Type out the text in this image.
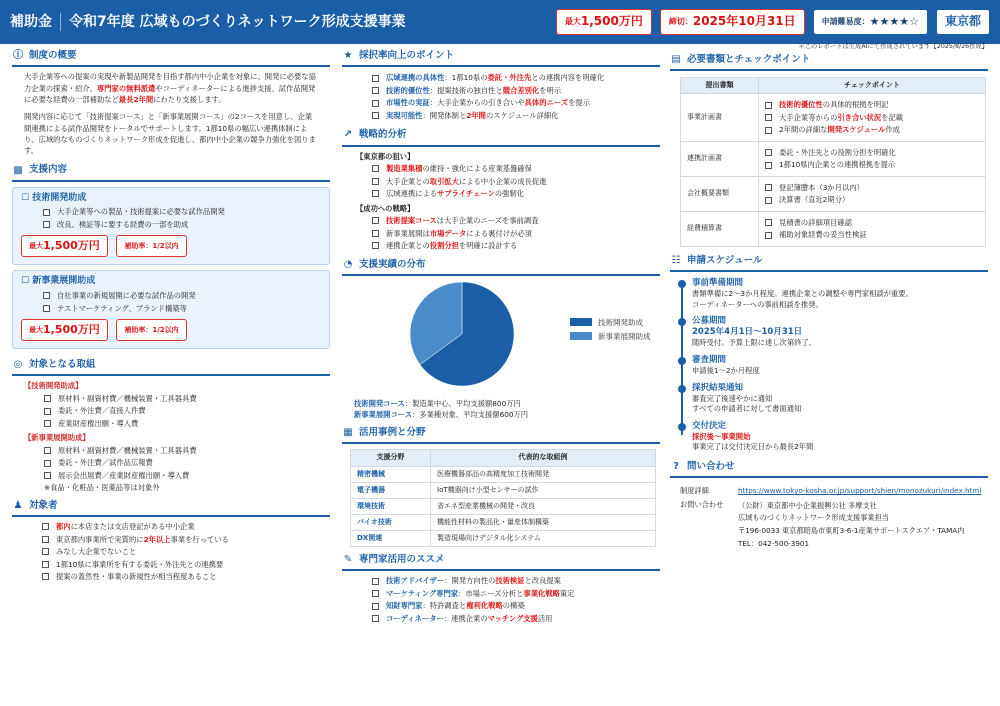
補助金	令和7年度 広域ものづくりネットワーク形成支援事業	最大 1,500万円	締切： 2025年10月31日	申請難易度： ★★★★☆	東京都
ⓘ 制度の概要

大手企業等への提案の実現や新製品開発を目指す都内中小企業を対象に、開発に必要な協力企業の探索・紹介、専門家の無料派遣やコーディネーターによる進捗支援、試作品開発に必要な経費の一部補助など最長2年間にわたり支援します。

開発内容に応じて「技術提案コース」と「新事業展開コース」の2コースを用意し、企業間連携による試作品開発をトータルでサポートします。1都10県の幅広い連携体制により、広域的なものづくりネットワーク形成を促進し、都内中小企業の競争力強化を図ります。

▩ 支援内容
☐ 技術開発助成
大手企業等への製品・技術提案に必要な試作品開発
改良、検証等に要する経費の一部を助成
最大 1,500万円
	補助率： 1/2以内
☐ 新事業展開助成
自社事業の新規展開に必要な試作品の開発
テストマーケティング、ブランド構築等
最大 1,500万円
	補助率： 1/2以内
◎ 対象となる取組
【技術開発助成】
原材料・副資材費／機械装置・工具器具費
委託・外注費／直接人件費
産業財産権出願・導入費
【新事業展開助成】
原材料・副資材費／機械装置・工具器具費
委託・外注費／試作品広報費
展示会出展費／産業財産権出願・導入費
※食品・化粧品・医薬品等は対象外
♟ 対象者
都内に本店または支店登記がある中小企業
東京都内事業所で実質的に2年以上事業を行っている
みなし大企業でないこと
1都10県に事業所を有する委託・外注先との連携要
提案の蓋然性・事業の新規性が相当程度あること
★ 採択率向上のポイント
広域連携の具体性：1都10県の委託・外注先との連携内容を明確化
技術的優位性：提案技術の独自性と競合差別化を明示
市場性の実証：大手企業からの引き合いや具体的ニーズを提示
実現可能性：開発体制と2年間のスケジュール詳細化
↗ 戦略的分析
【東京都の狙い】
製造業集積の維持・強化による産業基盤確保
大手企業との取引拡大による中小企業の成長促進
広域連携によるサプライチェーンの強靭化
【成功への戦略】
技術提案コースは大手企業のニーズを事前調査
新事業展開は市場データによる裏付けが必須
連携企業との役割分担を明確に設計する
◔ 支援実績の分布
技術開発助成
新事業展開助成
技術開発コース：製造業中心、平均支援額800万円
新事業展開コース：多業種対象、平均支援額600万円
▦ 活用事例と分野
支援分野	代表的な取組例
精密機械	医療機器部品の高精度加工技術開発
電子機器	IoT機器向け小型センサーの試作
環境技術	省エネ型産業機械の開発・改良
バイオ技術	機能性材料の製品化・量産体制構築
DX関連	製造現場向けデジタル化システム
✎ 専門家活用のススメ
技術アドバイザー：開発方向性の技術検証と改良提案
マーケティング専門家：市場ニーズ分析と事業化戦略策定
知財専門家：特許調査と権利化戦略の構築
コーディネーター：連携企業のマッチング支援活用
＊このレポートは生成AIにて作成されています【2025/8/26作成】
▤ 必要書類とチェックポイント
提出書類	チェックポイント
事業計画書	技術的優位性の具体的根拠を明記
大手企業等からの引き合い状況を記載
2年間の詳細な開発スケジュール作成

連携計画書	委託・外注先との役割分担を明確化
1都10県内企業との連携根拠を提示

会社概要書類	登記簿謄本（3か月以内）
決算書（直近2期分）

経費積算書	見積書の詳細項目確認
補助対象経費の妥当性検証
☷ 申請スケジュール
事前準備期間
書類準備に2〜3か月程度。連携企業との調整や専門家相談が重要。
コーディネーターへの事前相談を推奨。
公募期間
2025年4月1日〜10月31日
随時受付。予算上限に達し次第終了。
審査期間
申請後1〜2か月程度
採択結果通知
審査完了後速やかに通知
すべての申請者に対して書面通知
交付決定
採択後〜事業開始
事業完了は交付決定日から最長2年間
? 問い合わせ
制度詳細	https://www.tokyo-kosha.or.jp/support/shien/monozukuri/index.html
お問い合わせ	（公財）東京都中小企業振興公社 多摩支社
広域ものづくりネットワーク形成支援事業担当
〒196-0033 東京都昭島市東町3-6-1産業サポートスクエア・TAMA内
TEL：042-500-3901
